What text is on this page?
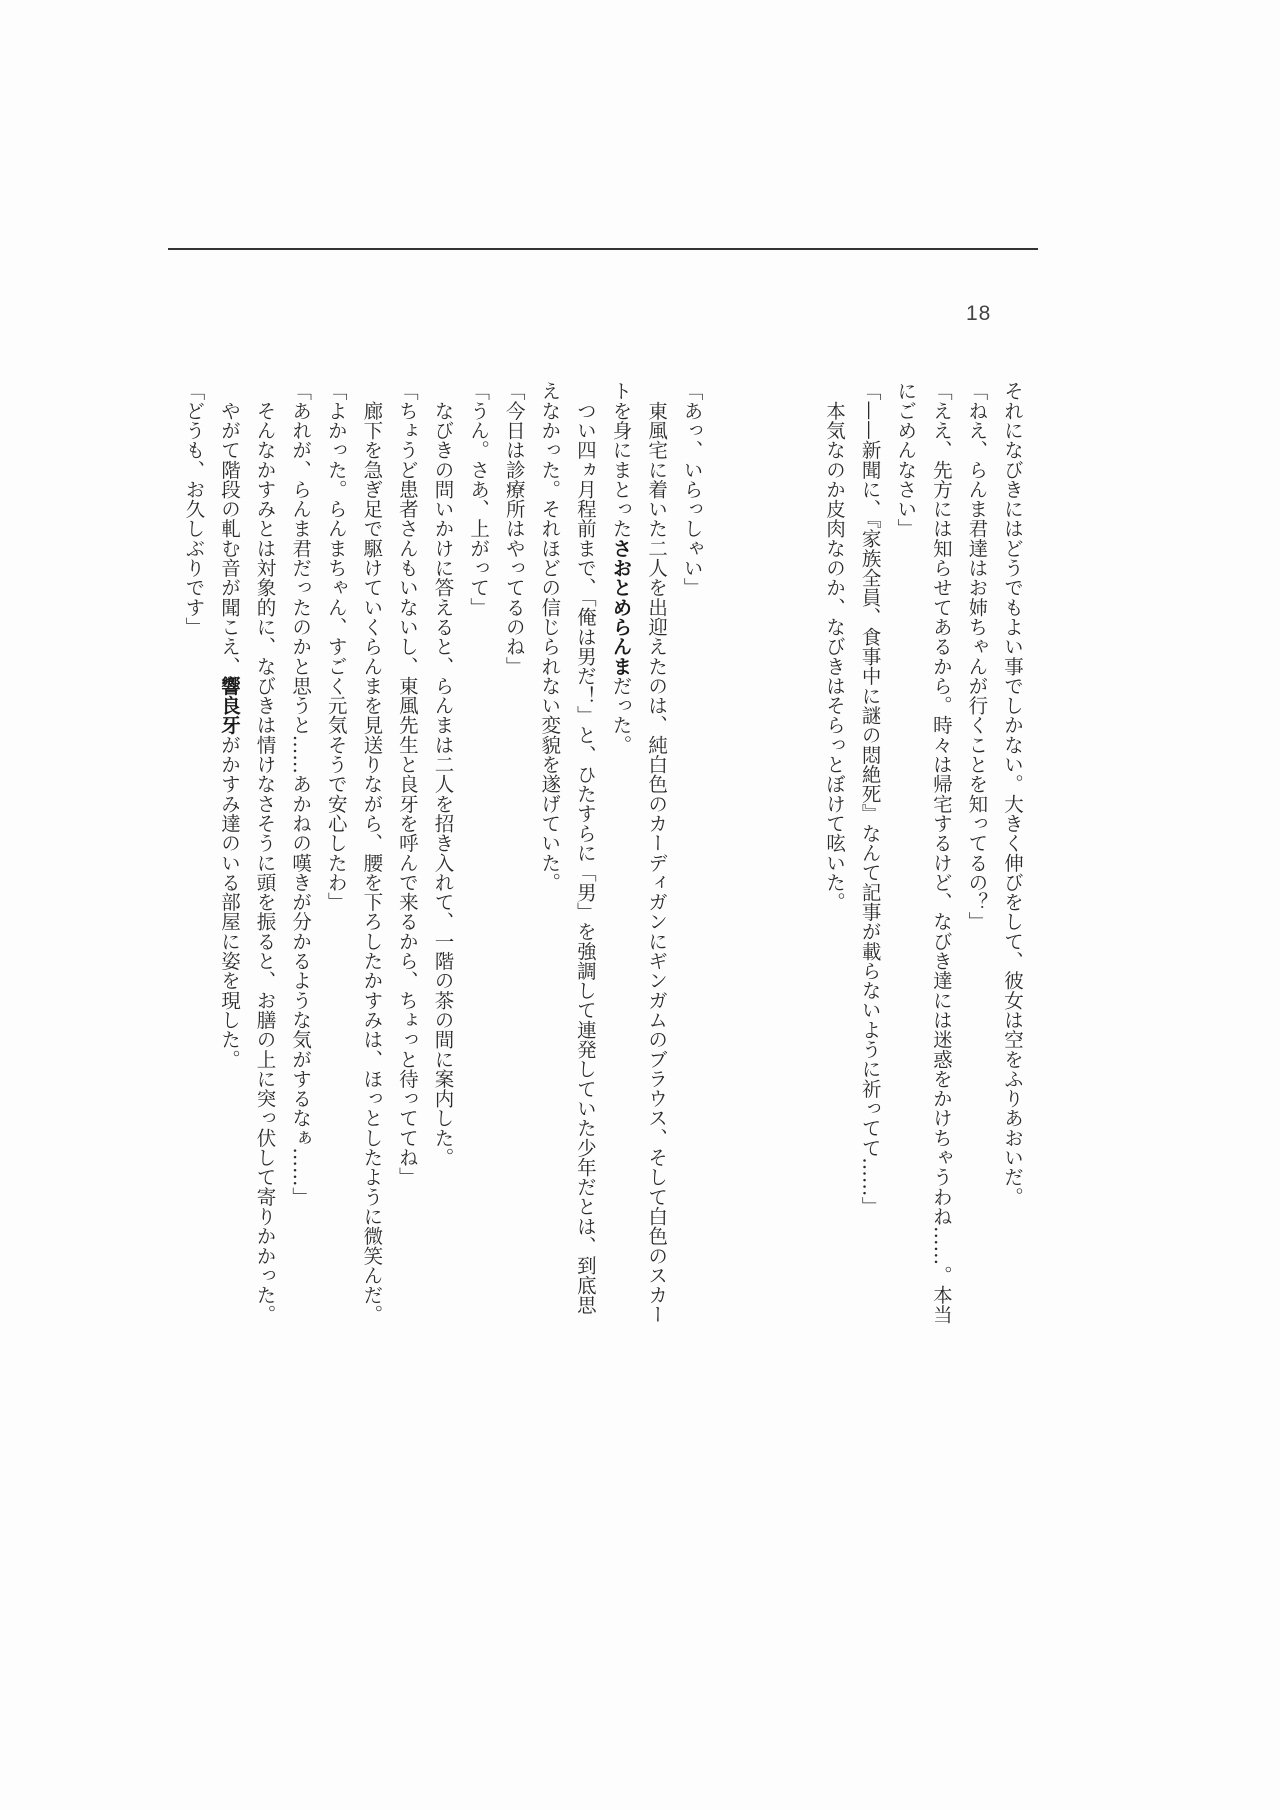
18
それになびきにはどうでもよい事でしかない。大きく伸びをして、彼女は空をふりあおいだ。
「ねえ、らんま君達はお姉ちゃんが行くことを知ってるの？」
「ええ、先方には知らせてあるから。時々は帰宅するけど、なびき達には迷惑をかけちゃうわね……。本当
にごめんなさい」
「——新聞に、『家族全員、食事中に謎の悶絶死』なんて記事が載らないように祈ってて……」
　本気なのか皮肉なのか、なびきはそらっとぼけて呟いた。
「あっ、いらっしゃい」
　東風宅に着いた二人を出迎えたのは、純白色のカーディガンにギンガムのブラウス、そして白色のスカー
トを身にまとったさおとめらんまだった。
　つい四ヵ月程前まで、「俺は男だ！」と、ひたすらに「男」を強調して連発していた少年だとは、到底思
えなかった。それほどの信じられない変貌を遂げていた。
「今日は診療所はやってるのね」
「うん。さあ、上がって」
　なびきの問いかけに答えると、らんまは二人を招き入れて、一階の茶の間に案内した。
「ちょうど患者さんもいないし、東風先生と良牙を呼んで来るから、ちょっと待っててね」
　廊下を急ぎ足で駆けていくらんまを見送りながら、腰を下ろしたかすみは、ほっとしたように微笑んだ。
「よかった。らんまちゃん、すごく元気そうで安心したわ」
「あれが、らんま君だったのかと思うと……あかねの嘆きが分かるような気がするなぁ……」
　そんなかすみとは対象的に、なびきは情けなさそうに頭を振ると、お膳の上に突っ伏して寄りかかった。
　やがて階段の軋む音が聞こえ、響良牙がかすみ達のいる部屋に姿を現した。
「どうも、お久しぶりです」
